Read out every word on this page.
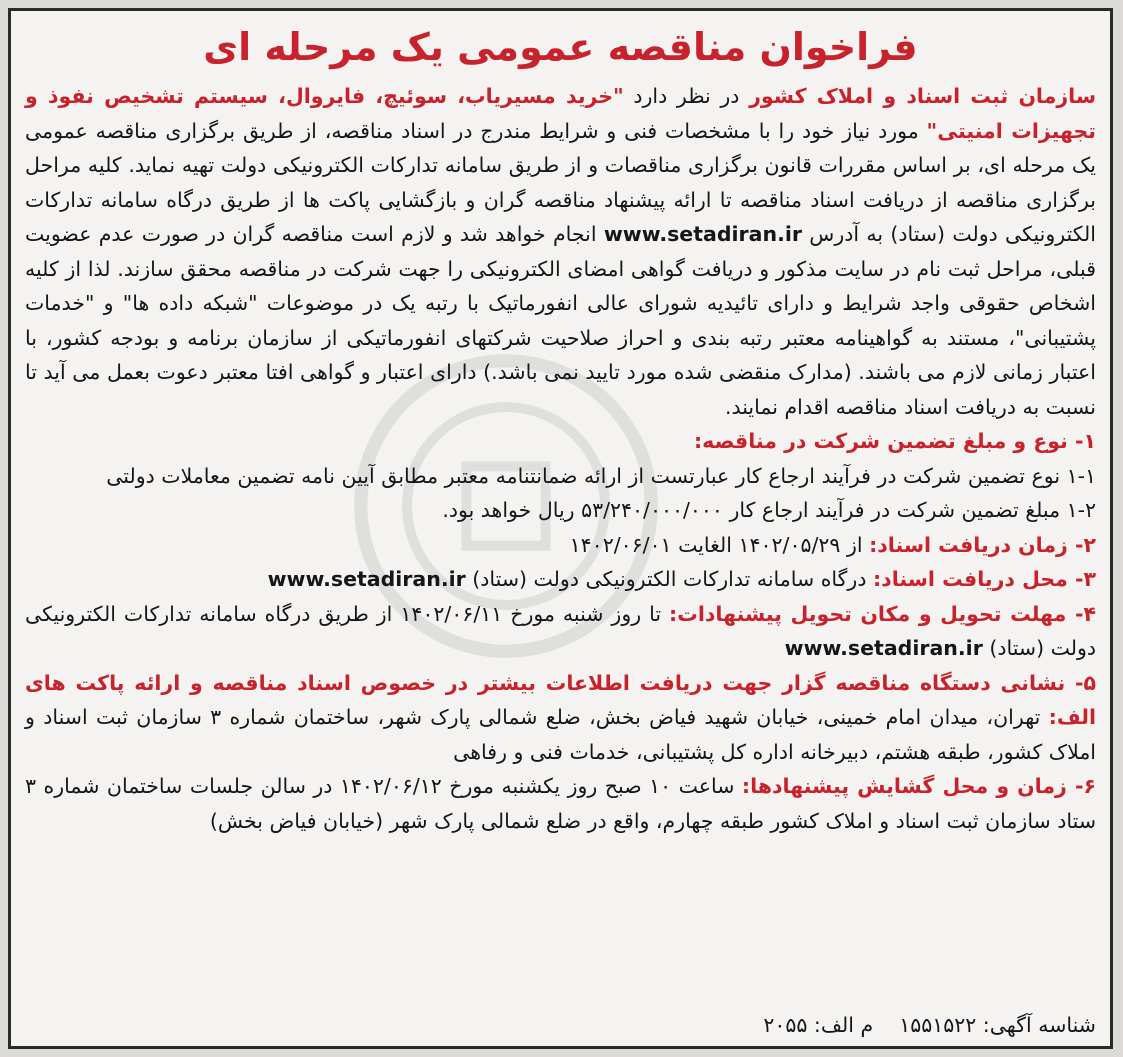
فراخوان مناقصه عمومی یک مرحله ای

سازمان ثبت اسناد و املاک کشور در نظر دارد "خرید مسیریاب، سوئیچ، فایروال، سیستم تشخیص نفوذ و تجهیزات امنیتی" مورد نیاز خود را با مشخصات فنی و شرایط مندرج در اسناد مناقصه، از طریق برگزاری مناقصه عمومی یک مرحله ای، بر اساس مقررات قانون برگزاری مناقصات و از طریق سامانه تدارکات الکترونیکی دولت تهیه نماید. کلیه مراحل برگزاری مناقصه از دریافت اسناد مناقصه تا ارائه پیشنهاد مناقصه گران و بازگشایی پاکت ها از طریق درگاه سامانه تدارکات الکترونیکی دولت (ستاد) به آدرس www.setadiran.ir انجام خواهد شد و لازم است مناقصه گران در صورت عدم عضویت قبلی، مراحل ثبت نام در سایت مذکور و دریافت گواهی امضای الکترونیکی را جهت شرکت در مناقصه محقق سازند. لذا از کلیه اشخاص حقوقی واجد شرایط و دارای تائیدیه شورای عالی انفورماتیک با رتبه یک در موضوعات "شبکه داده ها" و "خدمات پشتیبانی"، مستند به گواهینامه معتبر رتبه بندی و احراز صلاحیت شرکتهای انفورماتیکی از سازمان برنامه و بودجه کشور، با اعتبار زمانی لازم می باشند. (مدارک منقضی شده مورد تایید نمی باشد.) دارای اعتبار و گواهی افتا معتبر دعوت بعمل می آید تا نسبت به دریافت اسناد مناقصه اقدام نمایند.

۱- نوع و مبلغ تضمین شرکت در مناقصه:

۱-۱ نوع تضمین شرکت در فرآیند ارجاع کار عبارتست از ارائه ضمانتنامه معتبر مطابق آیین نامه تضمین معاملات دولتی

۱-۲ مبلغ تضمین شرکت در فرآیند ارجاع کار ۵۳/۲۴۰/۰۰۰/۰۰۰ ریال خواهد بود.

۲- زمان دریافت اسناد: از ۱۴۰۲/۰۵/۲۹ الغایت ۱۴۰۲/۰۶/۰۱

۳- محل دریافت اسناد: درگاه سامانه تدارکات الکترونیکی دولت (ستاد) www.setadiran.ir

۴- مهلت تحویل و مکان تحویل پیشنهادات: تا روز شنبه مورخ ۱۴۰۲/۰۶/۱۱ از طریق درگاه سامانه تدارکات الکترونیکی دولت (ستاد) www.setadiran.ir

۵- نشانی دستگاه مناقصه گزار جهت دریافت اطلاعات بیشتر در خصوص اسناد مناقصه و ارائه پاکت های الف: تهران، میدان امام خمینی، خیابان شهید فیاض بخش، ضلع شمالی پارک شهر، ساختمان شماره ۳ سازمان ثبت اسناد و املاک کشور، طبقه هشتم، دبیرخانه اداره کل پشتیبانی، خدمات فنی و رفاهی

۶- زمان و محل گشایش پیشنهادها: ساعت ۱۰ صبح روز یکشنبه مورخ ۱۴۰۲/۰۶/۱۲ در سالن جلسات ساختمان شماره ۳ ستاد سازمان ثبت اسناد و املاک کشور طبقه چهارم، واقع در ضلع شمالی پارک شهر (خیابان فیاض بخش)

شناسه آگهی: ۱۵۵۱۵۲۲م الف: ۲۰۵۵
